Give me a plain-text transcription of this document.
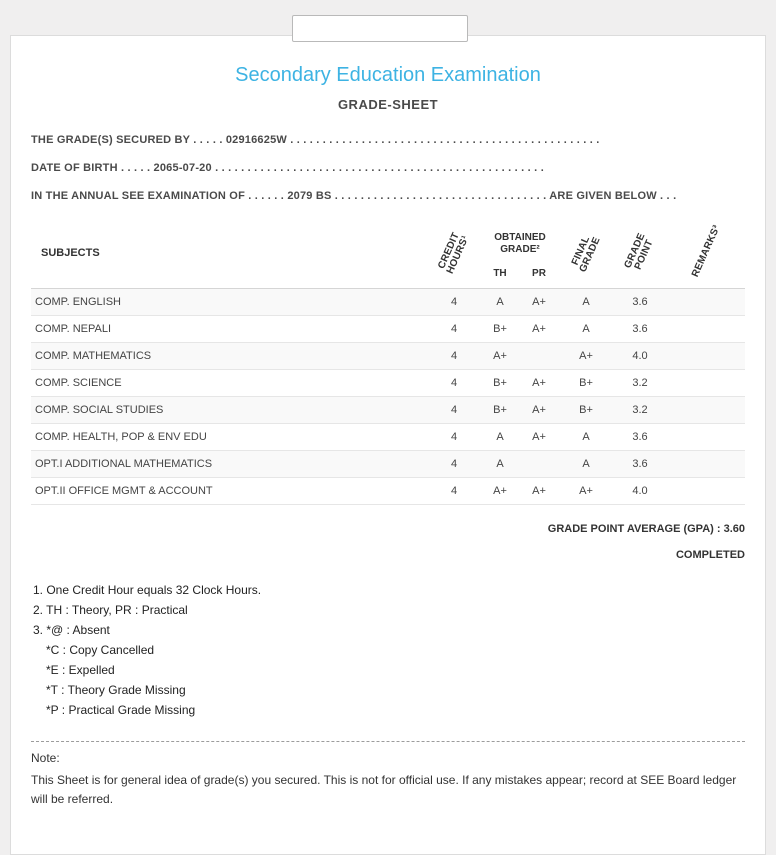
Secondary Education Examination
GRADE-SHEET
THE GRADE(S) SECURED BY . . . . . 02916625W . . . . . . . . . . . . . . . . . . . . . . . . . . . . . . . . . . . . . . . . . . . . . . . .
DATE OF BIRTH . . . . . 2065-07-20 . . . . . . . . . . . . . . . . . . . . . . . . . . . . . . . . . . . . . . . . . . . . . . . . . . .
IN THE ANNUAL SEE EXAMINATION OF . . . . . . 2079 BS . . . . . . . . . . . . . . . . . . . . . . . . . . . . . . . . . ARE GIVEN BELOW . . .
SUBJECTS	CREDIT HOURS¹	OBTAINED GRADE²		FINAL GRADE	GRADE POINT	REMARKS³

		TH	PR			
COMP. ENGLISH	4	A	A+	A	3.6	
COMP. NEPALI	4	B+	A+	A	3.6	
COMP. MATHEMATICS	4	A+		A+	4.0	
COMP. SCIENCE	4	B+	A+	B+	3.2	
COMP. SOCIAL STUDIES	4	B+	A+	B+	3.2	
COMP. HEALTH, POP & ENV EDU	4	A	A+	A	3.6	
OPT.I ADDITIONAL MATHEMATICS	4	A		A	3.6	
OPT.II OFFICE MGMT & ACCOUNT	4	A+	A+	A+	4.0	
GRADE POINT AVERAGE (GPA) : 3.60
COMPLETED
1. One Credit Hour equals 32 Clock Hours.
2. TH : Theory, PR : Practical
3. *@ : Absent
*C : Copy Cancelled
*E : Expelled
*T : Theory Grade Missing
*P : Practical Grade Missing
Note:
This Sheet is for general idea of grade(s) you secured. This is not for official use. If any mistakes appear; record at SEE Board ledger will be referred.
